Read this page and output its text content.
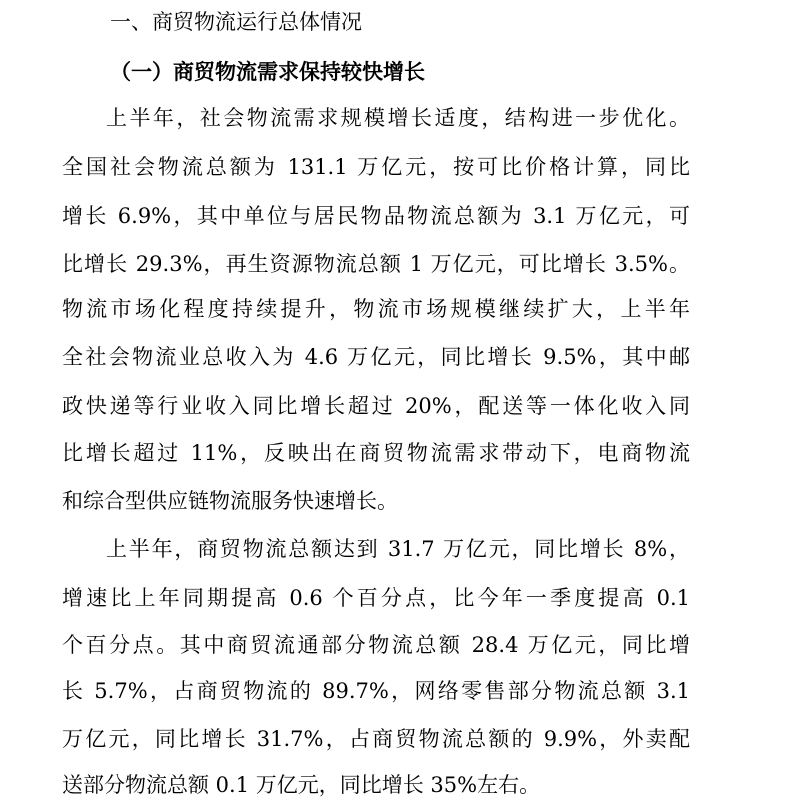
一、商贸物流运行总体情况
（一）商贸物流需求保持较快增长
上半年，社会物流需求规模增长适度，结构进一步优化。
全国社会物流总额为 131.1 万亿元，按可比价格计算，同比
增长 6.9%，其中单位与居民物品物流总额为 3.1 万亿元，可
比增长 29.3%，再生资源物流总额 1 万亿元，可比增长 3.5%。
物流市场化程度持续提升，物流市场规模继续扩大，上半年
全社会物流业总收入为 4.6 万亿元，同比增长 9.5%，其中邮
政快递等行业收入同比增长超过 20%，配送等一体化收入同
比增长超过 11%，反映出在商贸物流需求带动下，电商物流
和综合型供应链物流服务快速增长。
上半年，商贸物流总额达到 31.7 万亿元，同比增长 8%，
增速比上年同期提高 0.6 个百分点，比今年一季度提高 0.1
个百分点。其中商贸流通部分物流总额 28.4 万亿元，同比增
长 5.7%，占商贸物流的 89.7%，网络零售部分物流总额 3.1
万亿元，同比增长 31.7%，占商贸物流总额的 9.9%，外卖配
送部分物流总额 0.1 万亿元，同比增长 35%左右。
